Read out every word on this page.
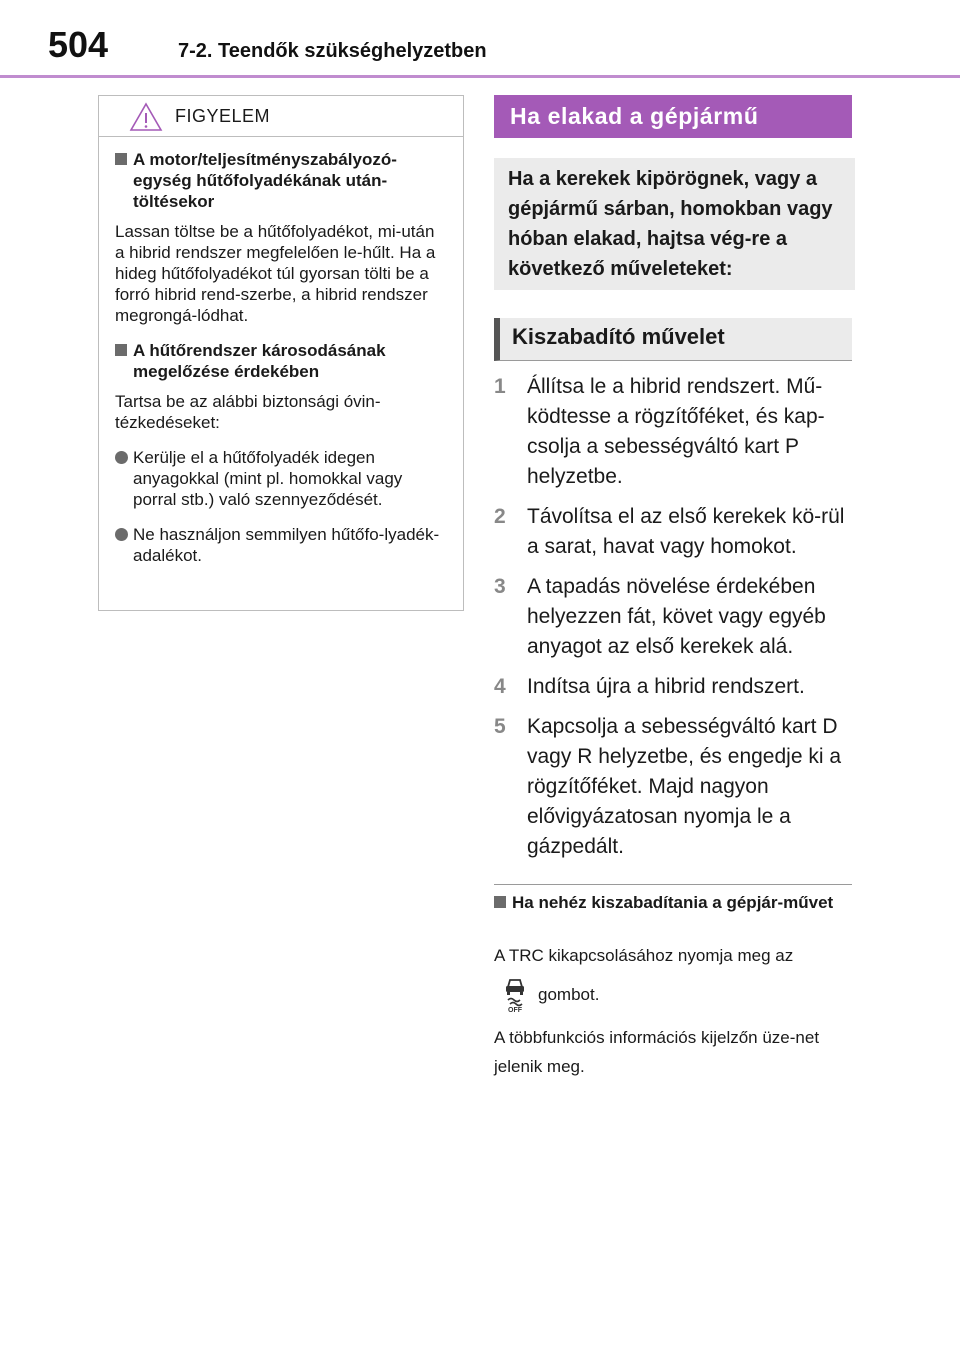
504	7-2. Teendők szükséghelyzetben
FIGYELEM
A motor/teljesítményszabályozó-egység hűtőfolyadékának után-töltésekor
Lassan töltse be a hűtőfolyadékot, mi-után a hibrid rendszer megfelelően le-hűlt. Ha a hideg hűtőfolyadékot túl gyorsan tölti be a forró hibrid rend-szerbe, a hibrid rendszer megrongá-lódhat.
A hűtőrendszer károsodásának megelőzése érdekében
Tartsa be az alábbi biztonsági óvin-tézkedéseket:
Kerülje el a hűtőfolyadék idegen anyagokkal (mint pl. homokkal vagy porral stb.) való szennyeződését.
Ne használjon semmilyen hűtőfo-lyadék-adalékot.
Ha elakad a gépjármű
Ha a kerekek kipörögnek, vagy a gépjármű sárban, homokban vagy hóban elakad, hajtsa vég-re a következő műveleteket:
Kiszabadító művelet
1 Állítsa le a hibrid rendszert. Mű-ködtesse a rögzítőféket, és kap-csolja a sebességváltó kart P helyzetbe.
2 Távolítsa el az első kerekek kö-rül a sarat, havat vagy homokot.
3 A tapadás növelése érdekében helyezzen fát, követ vagy egyéb anyagot az első kerekek alá.
4 Indítsa újra a hibrid rendszert.
5 Kapcsolja a sebességváltó kart D vagy R helyzetbe, és engedje ki a rögzítőféket. Majd nagyon elővigyázatosan nyomja le a gázpedált.
Ha nehéz kiszabadítania a gépjár-művet
A TRC kikapcsolásához nyomja meg az
OFF
gombot.
A többfunkciós információs kijelzőn üze-net jelenik meg.
